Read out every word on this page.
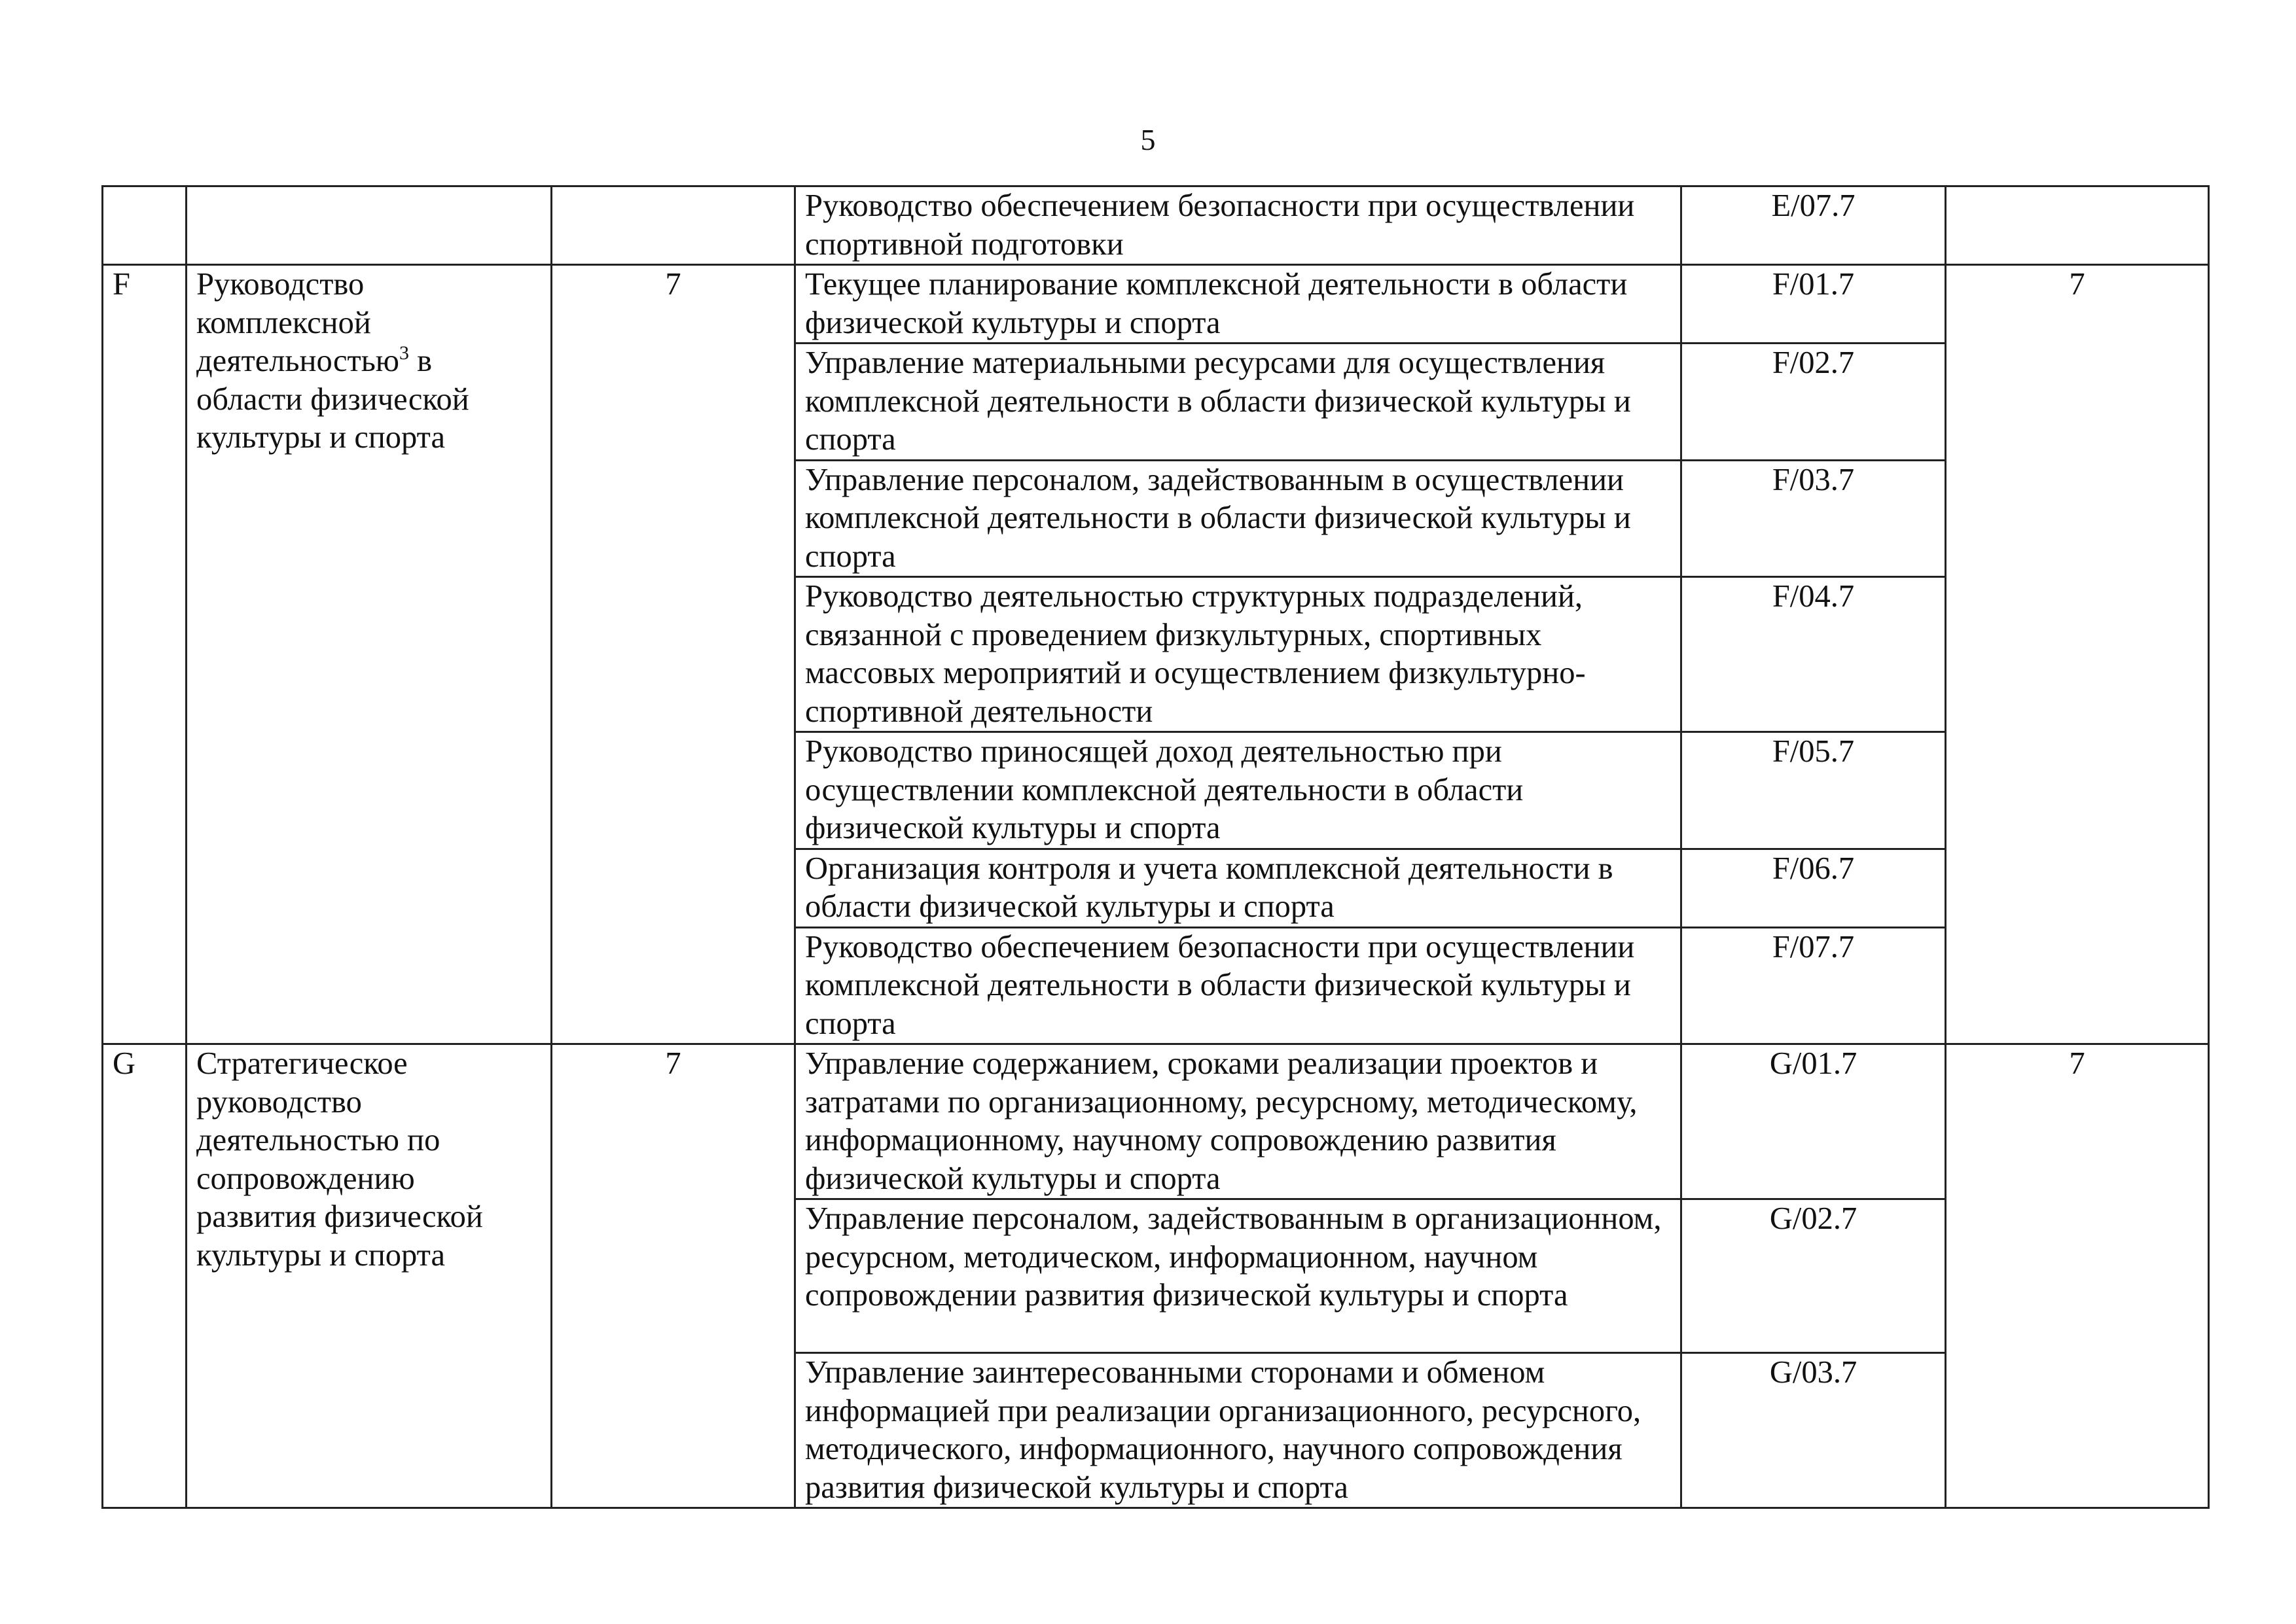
5
			Руководство обеспечением безопасности при осуществлении спортивной подготовки	E/07.7	
F	Руководство комплексной деятельностью$^3$ в области физической культуры и спорта	7	Текущее планирование комплексной деятельности в области физической культуры и спорта	F/01.7	7
			Управление материальными ресурсами для осуществления комплексной деятельности в области физической культуры и спорта	F/02.7	
			Управление персоналом, задействованным в осуществлении комплексной деятельности в области физической культуры и спорта	F/03.7	
			Руководство деятельностью структурных подразделений, связанной с проведением физкультурных, спортивных массовых мероприятий и осуществлением физкультурно-спортивной деятельности	F/04.7	
			Руководство приносящей доход деятельностью при осуществлении комплексной деятельности в области физической культуры и спорта	F/05.7	
			Организация контроля и учета комплексной деятельности в области физической культуры и спорта	F/06.7	
			Руководство обеспечением безопасности при осуществлении комплексной деятельности в области физической культуры и спорта	F/07.7	
G	Стратегическое руководство деятельностью по сопровождению развития физической культуры и спорта	7	Управление содержанием, сроками реализации проектов и затратами по организационному, ресурсному, методическому, информационному, научному сопровождению развития физической культуры и спорта	G/01.7	7
			Управление персоналом, задействованным в организационном, ресурсном, методическом, информационном, научном сопровождении развития физической культуры и спорта	G/02.7	
			Управление заинтересованными сторонами и обменом информацией при реализации организационного, ресурсного, методического, информационного, научного сопровождения развития физической культуры и спорта	G/03.7	
